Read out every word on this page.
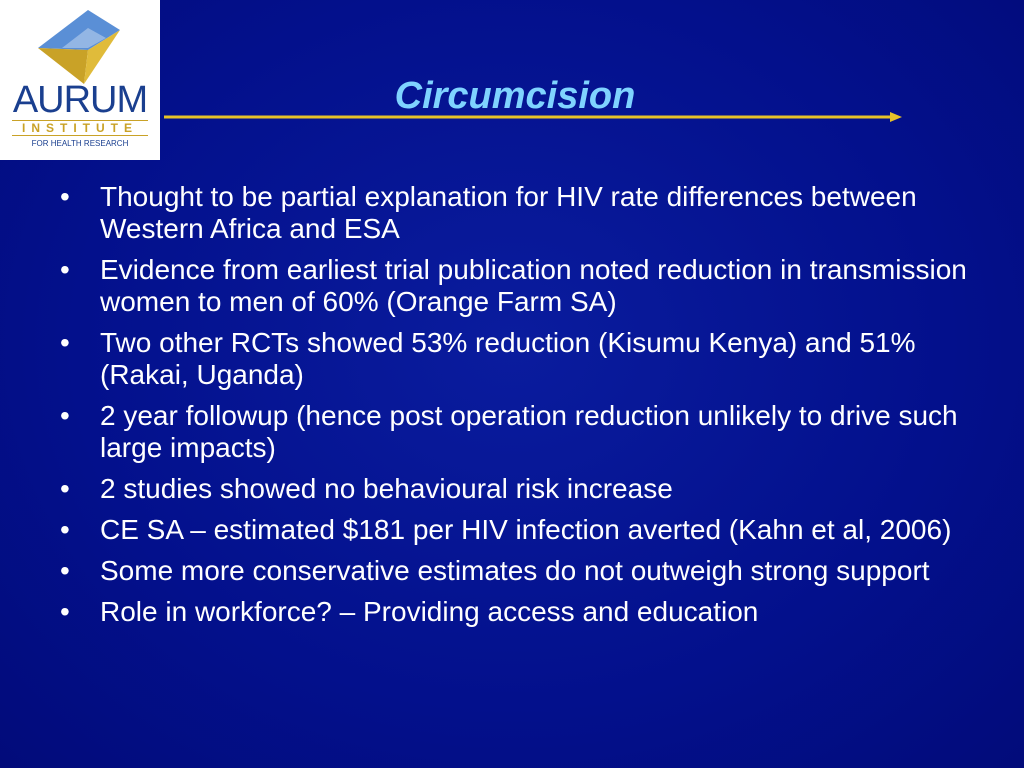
AURUM
INSTITUTE
FOR HEALTH RESEARCH
Circumcision
•	Thought to be partial explanation for HIV rate differences between Western Africa and ESA
•	Evidence from earliest trial publication noted reduction in transmission women to men of 60% (Orange Farm SA)
•	Two other RCTs showed 53% reduction (Kisumu Kenya) and 51% (Rakai, Uganda)
•	2 year followup (hence post operation reduction unlikely to drive such large impacts)
•	2 studies showed no behavioural risk increase
•	CE SA – estimated $181 per HIV infection averted (Kahn et al, 2006)
•	Some more conservative estimates do not outweigh strong support
•	Role in workforce? – Providing access and education
